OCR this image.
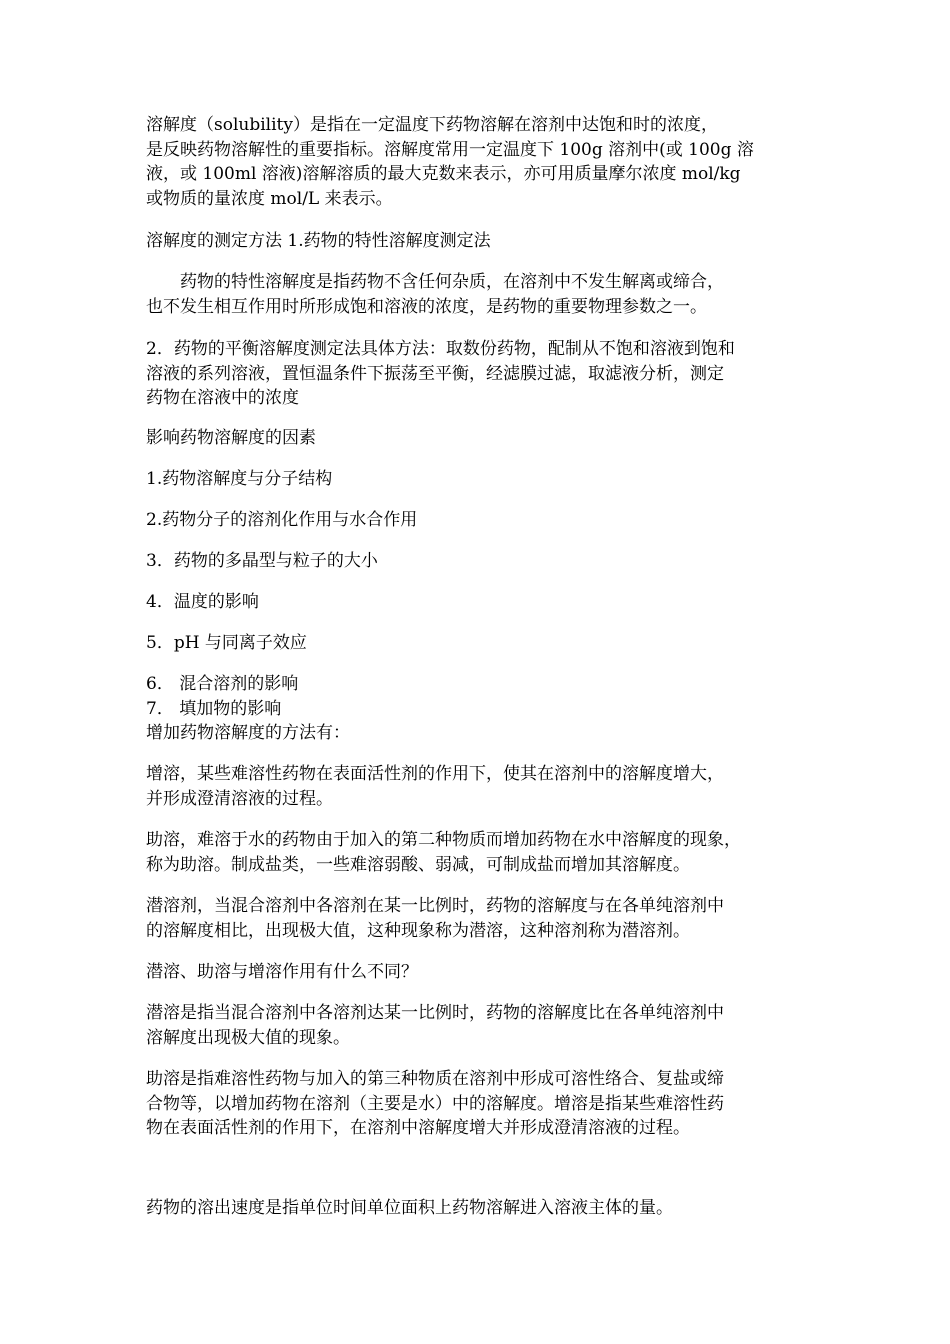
溶解度（solubility）是指在一定温度下药物溶解在溶剂中达饱和时的浓度，
是反映药物溶解性的重要指标。溶解度常用一定温度下 100g 溶剂中(或 100g 溶
液，或 100ml 溶液)溶解溶质的最大克数来表示，亦可用质量摩尔浓度 mol/kg
或物质的量浓度 mol/L 来表示。

溶解度的测定方法 1.药物的特性溶解度测定法

　　药物的特性溶解度是指药物不含任何杂质，在溶剂中不发生解离或缔合，
也不发生相互作用时所形成饱和溶液的浓度，是药物的重要物理参数之一。

2．药物的平衡溶解度测定法具体方法：取数份药物，配制从不饱和溶液到饱和
溶液的系列溶液，置恒温条件下振荡至平衡，经滤膜过滤，取滤液分析，测定
药物在溶液中的浓度

影响药物溶解度的因素

1.药物溶解度与分子结构

2.药物分子的溶剂化作用与水合作用

3．药物的多晶型与粒子的大小

4．温度的影响

5．pH 与同离子效应

6． 混合溶剂的影响
7． 填加物的影响
增加药物溶解度的方法有：

增溶，某些难溶性药物在表面活性剂的作用下，使其在溶剂中的溶解度增大，
并形成澄清溶液的过程。

助溶，难溶于水的药物由于加入的第二种物质而增加药物在水中溶解度的现象，
称为助溶。制成盐类，一些难溶弱酸、弱减，可制成盐而增加其溶解度。

潜溶剂，当混合溶剂中各溶剂在某一比例时，药物的溶解度与在各单纯溶剂中
的溶解度相比，出现极大值，这种现象称为潜溶，这种溶剂称为潜溶剂。

潜溶、助溶与增溶作用有什么不同？

潜溶是指当混合溶剂中各溶剂达某一比例时，药物的溶解度比在各单纯溶剂中
溶解度出现极大值的现象。

助溶是指难溶性药物与加入的第三种物质在溶剂中形成可溶性络合、复盐或缔
合物等，以增加药物在溶剂（主要是水）中的溶解度。增溶是指某些难溶性药
物在表面活性剂的作用下，在溶剂中溶解度增大并形成澄清溶液的过程。

药物的溶出速度是指单位时间单位面积上药物溶解进入溶液主体的量。
